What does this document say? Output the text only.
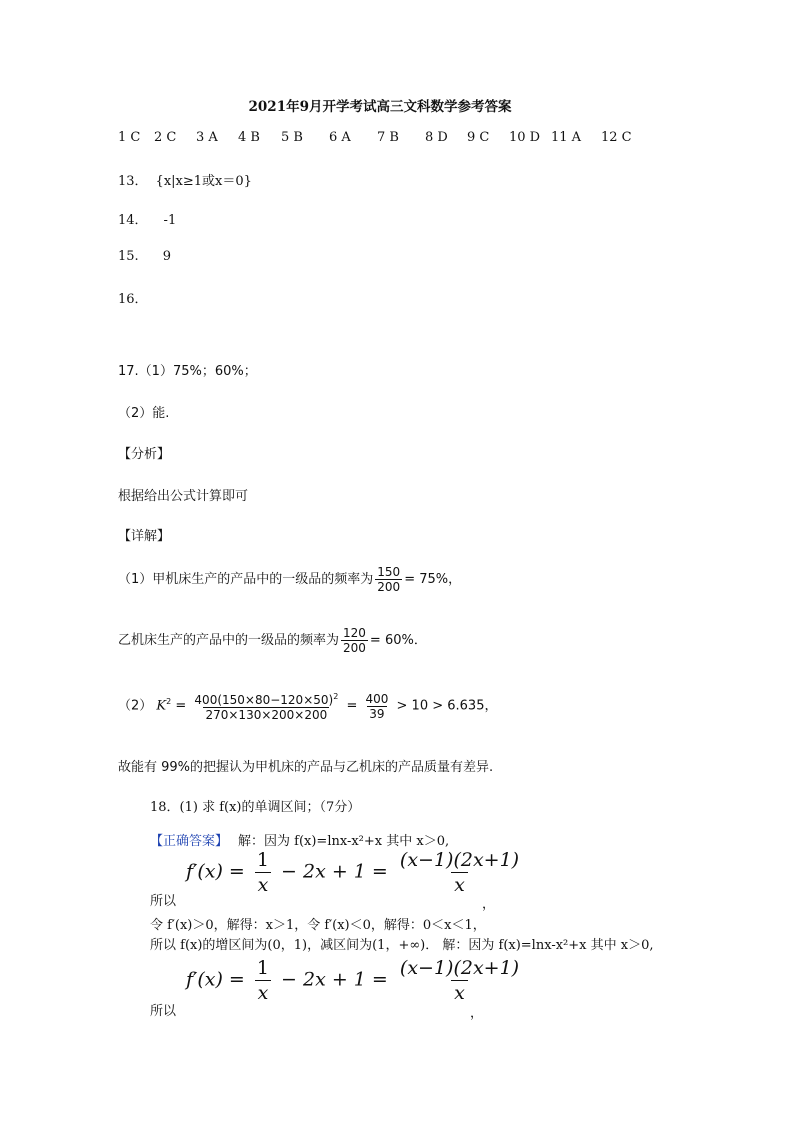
2021年9月开学考试高三文科数学参考答案
1 C	2 C	3 A	4 B	5 B	6 A	7 B	8 D	9 C	10 D 11 A	12 C
13． {x|x≥1或x＝0}
14． -1
15. 9
16．
17.（1）75%；60%；
（2）能.
【分析】
根据给出公式计算即可
【详解】
（1）甲机床生产的产品中的一级品的频率为 $\frac{150}{200} = 75\%$，
乙机床生产的产品中的一级品的频率为 $\frac{120}{200} = 60\%$．
（2） $K^2 = \frac{400(150\times 80-120\times 50)^2}{270\times 130\times 200\times 200} = \frac{400}{39} > 10 > 6.635$，
故能有 99%的把握认为甲机床的产品与乙机床的产品质量有差异.
18．(1) 求 f(x)的单调区间；（7分）
【正确答案】 解：因为 f(x)=lnx-x²+x 其中 x＞0,
$f'(x) = \frac{1}{x} - 2x + 1 = \frac{(x-1)(2x+1)}{x}$
所以	，
令 f′(x)＞0，解得：x＞1，令 f′(x)＜0，解得：0＜x＜1，
所以 f(x)的增区间为(0，1)，减区间为(1，+∞)． 解：因为 f(x)=lnx-x²+x 其中 x＞0,
$f'(x) = \frac{1}{x} - 2x + 1 = \frac{(x-1)(2x+1)}{x}$
所以	，
